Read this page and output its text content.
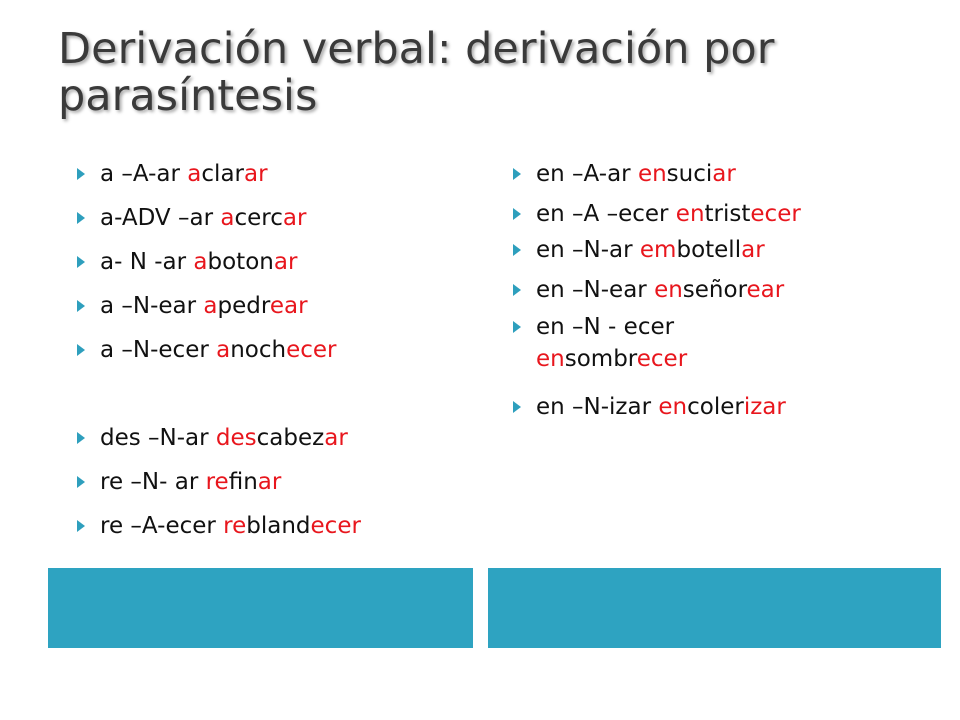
Derivación verbal: derivación por parasíntesis
a –A-ar aclarar
a-ADV –ar acercar
a- N -ar abotonar
a –N-ear apedrear
a –N-ecer anochecer
des –N-ar descabezar
re –N- ar refinar
re –A-ecer reblandecer
en –A-ar ensuciar
en –A –ecer entristecer
en –N-ar embotellar
en –N-ear enseñorear
en –N - ecer
ensombrecer
en –N-izar encolerizar
